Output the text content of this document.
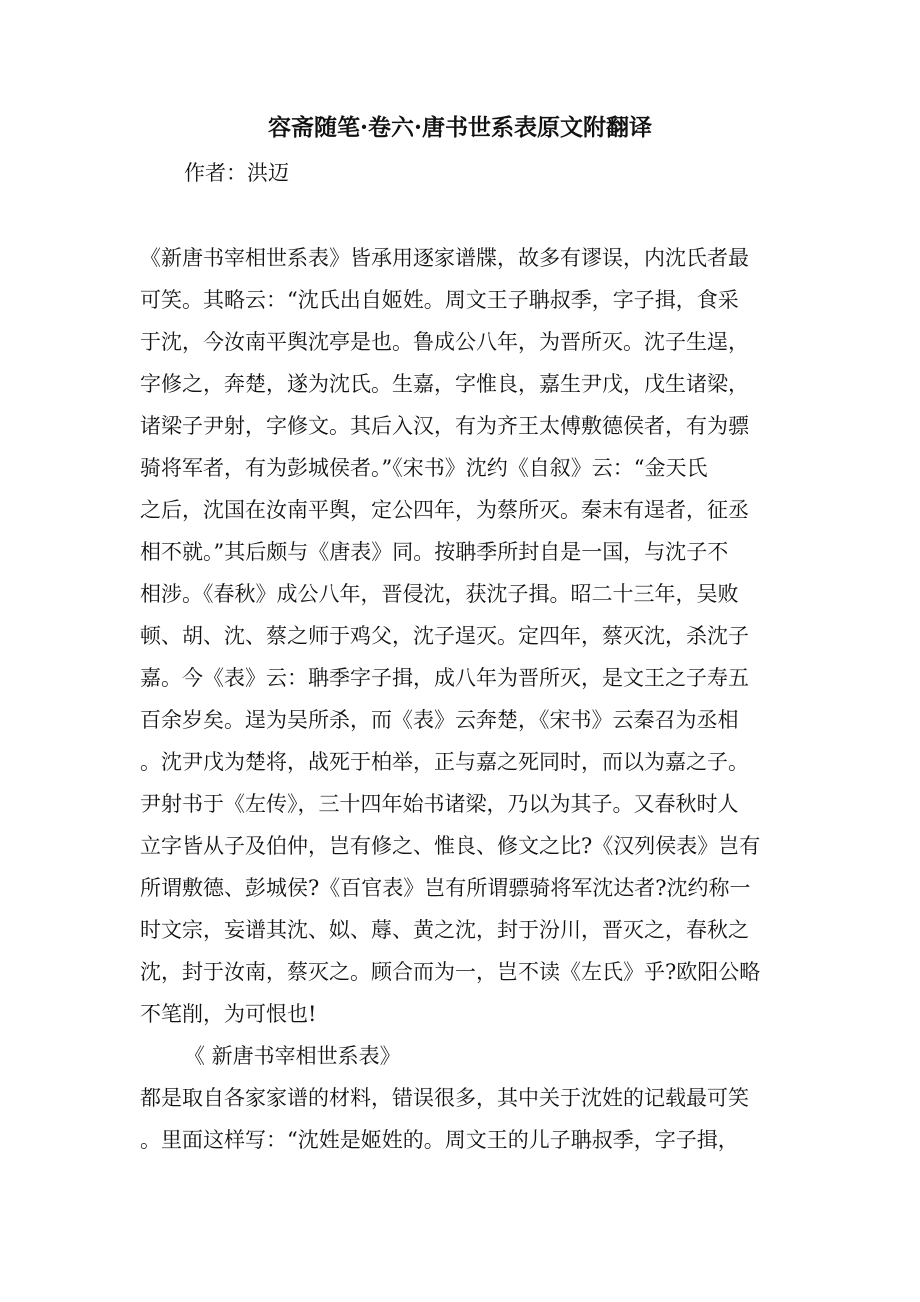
容斋随笔·卷六·唐书世系表原文附翻译
作者：洪迈
《新唐书宰相世系表》皆承用逐家谱牒，故多有谬误，内沈氏者最
可笑。其略云：“沈氏出自姬姓。周文王子聃叔季，字子揖，食采
于沈，今汝南平舆沈亭是也。鲁成公八年，为晋所灭。沈子生逞，
字修之，奔楚，遂为沈氏。生嘉，字惟良，嘉生尹戊，戊生诸梁，
诸梁子尹射，字修文。其后入汉，有为齐王太傅敷德侯者，有为骠
骑将军者，有为彭城侯者。”《宋书》沈约《自叙》云：“金天氏
之后，沈国在汝南平舆，定公四年，为蔡所灭。秦末有逞者，征丞
相不就。”其后颇与《唐表》同。按聃季所封自是一国，与沈子不
相涉。《春秋》成公八年，晋侵沈，获沈子揖。昭二十三年，吴败
顿、胡、沈、蔡之师于鸡父，沈子逞灭。定四年，蔡灭沈，杀沈子
嘉。今《表》云：聃季字子揖，成八年为晋所灭，是文王之子寿五
百余岁矣。逞为吴所杀，而《表》云奔楚，《宋书》云秦召为丞相
。沈尹戊为楚将，战死于柏举，正与嘉之死同时，而以为嘉之子。
尹射书于《左传》，三十四年始书诸梁，乃以为其子。又春秋时人
立字皆从子及伯仲，岂有修之、惟良、修文之比?《汉列侯表》岂有
所谓敷德、彭城侯?《百官表》岂有所谓骠骑将军沈达者?沈约称一
时文宗，妄谱其沈、姒、蓐、黄之沈，封于汾川，晋灭之，春秋之
沈，封于汝南，蔡灭之。顾合而为一，岂不读《左氏》乎?欧阳公略
不笔削，为可恨也!
《 新唐书宰相世系表》
都是取自各家家谱的材料，错误很多，其中关于沈姓的记载最可笑
。里面这样写：“沈姓是姬姓的。周文王的儿子聃叔季，字子揖，
